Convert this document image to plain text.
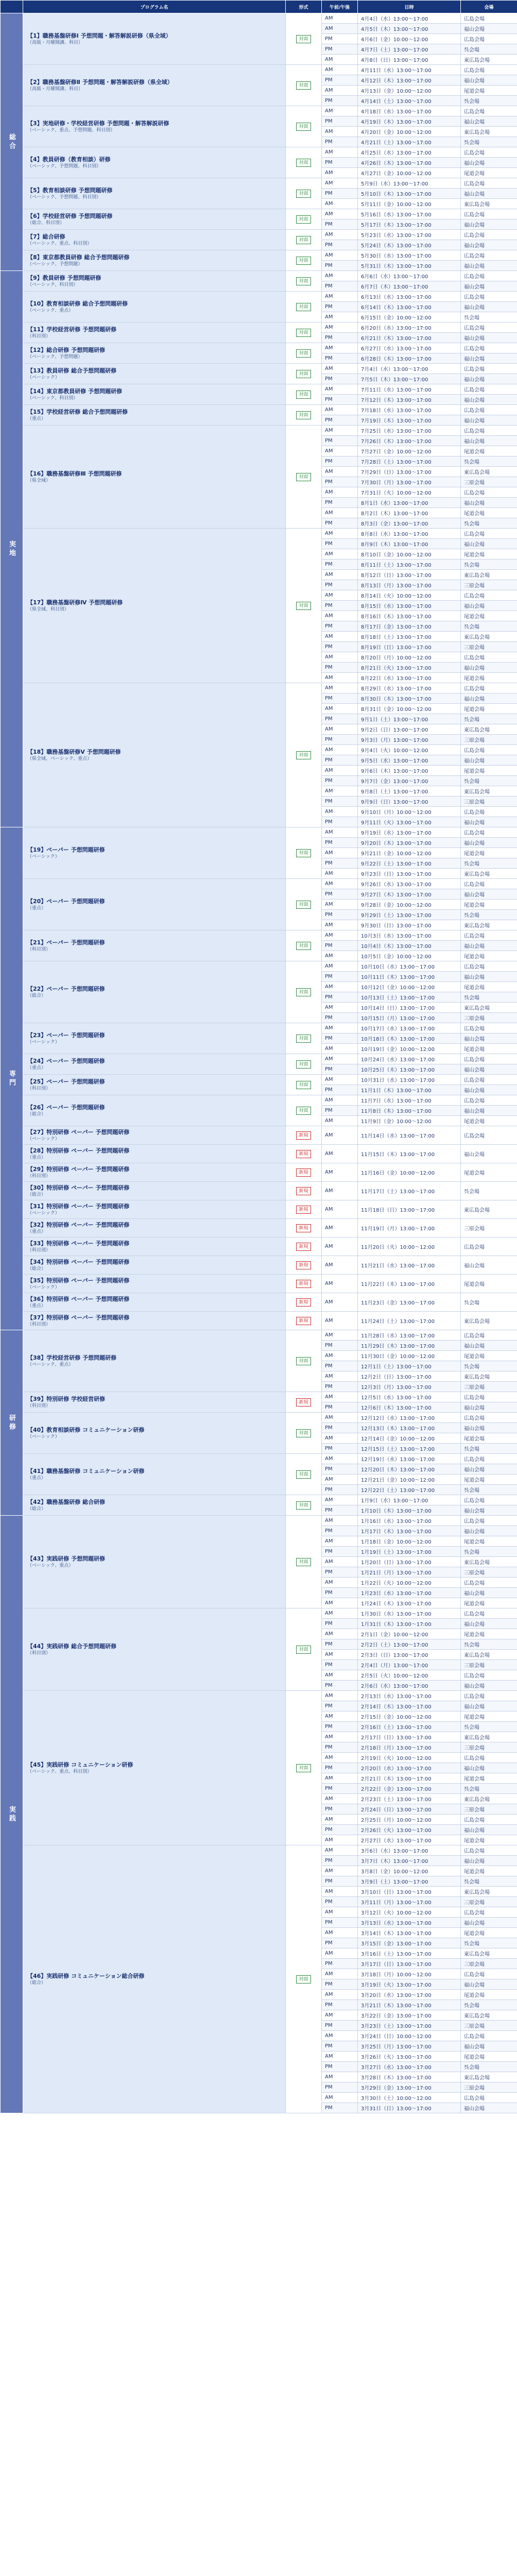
	プログラム名	形式	午前/午後	日時	会場
総合	【1】職務基盤研修Ⅰ 予想問題・解答解説研修（県全域）
（高級・月曜開講、科目）	対面	AM	4月4日（水）13:00～17:00	広島会場
			AM	4月5日（木）13:00～17:00	福山会場
			PM	4月6日（金）10:00～12:00	広島会場
			PM	4月7日（土）13:00～17:00	呉会場
			AM	4月8日（日）13:00～17:00	東広島会場

	【2】職務基盤研修Ⅱ 予想問題・解答解説研修（県全域）
（高級・月曜開講、科目）	対面	AM	4月11日（水）13:00～17:00	広島会場
			PM	4月12日（木）13:00～17:00	福山会場
			AM	4月13日（金）10:00～12:00	尾道会場
			PM	4月14日（土）13:00～17:00	呉会場

	【3】実地研修・学校経営研修 予想問題・解答解説研修
（ベーシック、重点、予想問題、科目別）	対面	AM	4月18日（水）13:00～17:00	広島会場
			PM	4月19日（木）13:00～17:00	福山会場
			AM	4月20日（金）10:00～12:00	東広島会場
			PM	4月21日（土）13:00～17:00	呉会場

	【4】教員研修（教育相談）研修
（ベーシック、予想問題、科目別）	対面	AM	4月25日（水）13:00～17:00	広島会場
			PM	4月26日（木）13:00～17:00	福山会場
			AM	4月27日（金）10:00～12:00	尾道会場

	【5】教育相談研修 予想問題研修
（ベーシック、予想問題、科目別）	対面	AM	5月9日（水）13:00～17:00	広島会場
			PM	5月10日（木）13:00～17:00	福山会場
			AM	5月11日（金）10:00～12:00	東広島会場

	【6】学校経営研修 予想問題研修
（総合、科目別）	対面	AM	5月16日（水）13:00～17:00	広島会場
			PM	5月17日（木）13:00～17:00	福山会場

	【7】総合研修
（ベーシック、重点、科目別）	対面	AM	5月23日（水）13:00～17:00	広島会場
			PM	5月24日（木）13:00～17:00	福山会場

	【8】東京都教員研修 総合予想問題研修
（ベーシック、予想問題）	対面	AM	5月30日（水）13:00～17:00	広島会場
			PM	5月31日（木）13:00～17:00	福山会場
実地	【9】教員研修 予想問題研修
（ベーシック、科目別）	対面	AM	6月6日（水）13:00～17:00	広島会場
			PM	6月7日（木）13:00～17:00	福山会場

	【10】教育相談研修 総合予想問題研修
（ベーシック、重点）	対面	AM	6月13日（水）13:00～17:00	広島会場
			PM	6月14日（木）13:00～17:00	福山会場
			AM	6月15日（金）10:00～12:00	呉会場

	【11】学校経営研修 予想問題研修
（科目別）	対面	AM	6月20日（水）13:00～17:00	広島会場
			PM	6月21日（木）13:00～17:00	福山会場

	【12】総合研修 予想問題研修
（ベーシック、予想問題）	対面	AM	6月27日（水）13:00～17:00	広島会場
			PM	6月28日（木）13:00～17:00	福山会場

	【13】教員研修 総合予想問題研修
（ベーシック）	対面	AM	7月4日（水）13:00～17:00	広島会場
			PM	7月5日（木）13:00～17:00	福山会場

	【14】東京都教員研修 予想問題研修
（ベーシック、科目別）	対面	AM	7月11日（水）13:00～17:00	広島会場
			PM	7月12日（木）13:00～17:00	福山会場

	【15】学校経営研修 総合予想問題研修
（重点）	対面	AM	7月18日（水）13:00～17:00	広島会場
			PM	7月19日（木）13:00～17:00	福山会場

	【16】職務基盤研修Ⅲ 予想問題研修
（県全域）	対面	AM	7月25日（水）13:00～17:00	広島会場
			PM	7月26日（木）13:00～17:00	福山会場
			AM	7月27日（金）10:00～12:00	尾道会場
			PM	7月28日（土）13:00～17:00	呉会場
			AM	7月29日（日）13:00～17:00	東広島会場
			PM	7月30日（月）13:00～17:00	三原会場
			AM	7月31日（火）10:00～12:00	広島会場
			PM	8月1日（水）13:00～17:00	福山会場
			AM	8月2日（木）13:00～17:00	尾道会場
			PM	8月3日（金）13:00～17:00	呉会場

	【17】職務基盤研修Ⅳ 予想問題研修
（県全域、科目別）	対面	AM	8月8日（水）13:00～17:00	広島会場
			PM	8月9日（木）13:00～17:00	福山会場
			AM	8月10日（金）10:00～12:00	尾道会場
			PM	8月11日（土）13:00～17:00	呉会場
			AM	8月12日（日）13:00～17:00	東広島会場
			PM	8月13日（月）13:00～17:00	三原会場
			AM	8月14日（火）10:00～12:00	広島会場
			PM	8月15日（水）13:00～17:00	福山会場
			AM	8月16日（木）13:00～17:00	尾道会場
			PM	8月17日（金）13:00～17:00	呉会場
			AM	8月18日（土）13:00～17:00	東広島会場
			PM	8月19日（日）13:00～17:00	三原会場
			AM	8月20日（月）10:00～12:00	広島会場
			PM	8月21日（火）13:00～17:00	福山会場
			AM	8月22日（水）13:00～17:00	尾道会場

	【18】職務基盤研修Ⅴ 予想問題研修
（県全域、ベーシック、重点）	対面	AM	8月29日（水）13:00～17:00	広島会場
			PM	8月30日（木）13:00～17:00	福山会場
			AM	8月31日（金）10:00～12:00	尾道会場
			PM	9月1日（土）13:00～17:00	呉会場
			AM	9月2日（日）13:00～17:00	東広島会場
			PM	9月3日（月）13:00～17:00	三原会場
			AM	9月4日（火）10:00～12:00	広島会場
			PM	9月5日（水）13:00～17:00	福山会場
			AM	9月6日（木）13:00～17:00	尾道会場
			PM	9月7日（金）13:00～17:00	呉会場
			AM	9月8日（土）13:00～17:00	東広島会場
			PM	9月9日（日）13:00～17:00	三原会場
			AM	9月10日（月）10:00～12:00	広島会場
			PM	9月11日（火）13:00～17:00	福山会場
専門	【19】ペーパー 予想問題研修
（ベーシック）	対面	AM	9月19日（水）13:00～17:00	広島会場
			PM	9月20日（木）13:00～17:00	福山会場
			AM	9月21日（金）10:00～12:00	尾道会場
			PM	9月22日（土）13:00～17:00	呉会場
			AM	9月23日（日）13:00～17:00	東広島会場

	【20】ペーパー 予想問題研修
（重点）	対面	AM	9月26日（水）13:00～17:00	広島会場
			PM	9月27日（木）13:00～17:00	福山会場
			AM	9月28日（金）10:00～12:00	尾道会場
			PM	9月29日（土）13:00～17:00	呉会場
			AM	9月30日（日）13:00～17:00	東広島会場

	【21】ペーパー 予想問題研修
（科目別）	対面	AM	10月3日（水）13:00～17:00	広島会場
			PM	10月4日（木）13:00～17:00	福山会場
			AM	10月5日（金）10:00～12:00	尾道会場

	【22】ペーパー 予想問題研修
（総合）	対面	AM	10月10日（水）13:00～17:00	広島会場
			PM	10月11日（木）13:00～17:00	福山会場
			AM	10月12日（金）10:00～12:00	尾道会場
			PM	10月13日（土）13:00～17:00	呉会場
			AM	10月14日（日）13:00～17:00	東広島会場
			PM	10月15日（月）13:00～17:00	三原会場

	【23】ペーパー 予想問題研修
（ベーシック）	対面	AM	10月17日（水）13:00～17:00	広島会場
			PM	10月18日（木）13:00～17:00	福山会場
			AM	10月19日（金）10:00～12:00	尾道会場

	【24】ペーパー 予想問題研修
（重点）	対面	AM	10月24日（水）13:00～17:00	広島会場
			PM	10月25日（木）13:00～17:00	福山会場

	【25】ペーパー 予想問題研修
（科目別）	対面	AM	10月31日（水）13:00～17:00	広島会場
			PM	11月1日（木）13:00～17:00	福山会場

	【26】ペーパー 予想問題研修
（総合）	対面	AM	11月7日（水）13:00～17:00	広島会場
			PM	11月8日（木）13:00～17:00	福山会場
			AM	11月9日（金）10:00～12:00	尾道会場

	【27】特別研修 ペーパー 予想問題研修
（ベーシック）	新規	AM	11月14日（水）13:00～17:00	広島会場

	【28】特別研修 ペーパー 予想問題研修
（重点）	新規	AM	11月15日（木）13:00～17:00	福山会場

	【29】特別研修 ペーパー 予想問題研修
（科目別）	新規	AM	11月16日（金）10:00～12:00	尾道会場

	【30】特別研修 ペーパー 予想問題研修
（総合）	新規	AM	11月17日（土）13:00～17:00	呉会場

	【31】特別研修 ペーパー 予想問題研修
（ベーシック）	新規	AM	11月18日（日）13:00～17:00	東広島会場

	【32】特別研修 ペーパー 予想問題研修
（重点）	新規	AM	11月19日（月）13:00～17:00	三原会場

	【33】特別研修 ペーパー 予想問題研修
（科目別）	新規	AM	11月20日（火）10:00～12:00	広島会場

	【34】特別研修 ペーパー 予想問題研修
（総合）	新規	AM	11月21日（水）13:00～17:00	福山会場

	【35】特別研修 ペーパー 予想問題研修
（ベーシック）	新規	AM	11月22日（木）13:00～17:00	尾道会場

	【36】特別研修 ペーパー 予想問題研修
（重点）	新規	AM	11月23日（金）13:00～17:00	呉会場

	【37】特別研修 ペーパー 予想問題研修
（科目別）	新規	AM	11月24日（土）13:00～17:00	東広島会場
研修	【38】学校経営研修 予想問題研修
（ベーシック、重点）	対面	AM	11月28日（水）13:00～17:00	広島会場
			PM	11月29日（木）13:00～17:00	福山会場
			AM	11月30日（金）10:00～12:00	尾道会場
			PM	12月1日（土）13:00～17:00	呉会場
			AM	12月2日（日）13:00～17:00	東広島会場
			PM	12月3日（月）13:00～17:00	三原会場

	【39】特別研修 学校経営研修
（科目別）	新規	AM	12月5日（水）13:00～17:00	広島会場
			PM	12月6日（木）13:00～17:00	福山会場

	【40】教育相談研修 コミュニケーション研修
（ベーシック）	対面	AM	12月12日（水）13:00～17:00	広島会場
			PM	12月13日（木）13:00～17:00	福山会場
			AM	12月14日（金）10:00～12:00	尾道会場
			PM	12月15日（土）13:00～17:00	呉会場

	【41】職務基盤研修 コミュニケーション研修
（重点）	対面	AM	12月19日（水）13:00～17:00	広島会場
			PM	12月20日（木）13:00～17:00	福山会場
			AM	12月21日（金）10:00～12:00	尾道会場
			PM	12月22日（土）13:00～17:00	呉会場

	【42】職務基盤研修 総合研修
（総合）	対面	AM	1月9日（水）13:00～17:00	広島会場
			PM	1月10日（木）13:00～17:00	福山会場
実践	【43】実践研修 予想問題研修
（ベーシック、重点）	対面	AM	1月16日（水）13:00～17:00	広島会場
			PM	1月17日（木）13:00～17:00	福山会場
			AM	1月18日（金）10:00～12:00	尾道会場
			PM	1月19日（土）13:00～17:00	呉会場
			AM	1月20日（日）13:00～17:00	東広島会場
			PM	1月21日（月）13:00～17:00	三原会場
			AM	1月22日（火）10:00～12:00	広島会場
			PM	1月23日（水）13:00～17:00	福山会場
			AM	1月24日（木）13:00～17:00	尾道会場

	【44】実践研修 総合予想問題研修
（科目別）	対面	AM	1月30日（水）13:00～17:00	広島会場
			PM	1月31日（木）13:00～17:00	福山会場
			AM	2月1日（金）10:00～12:00	尾道会場
			PM	2月2日（土）13:00～17:00	呉会場
			AM	2月3日（日）13:00～17:00	東広島会場
			PM	2月4日（月）13:00～17:00	三原会場
			AM	2月5日（火）10:00～12:00	広島会場
			PM	2月6日（水）13:00～17:00	福山会場

	【45】実践研修 コミュニケーション研修
（ベーシック、重点、科目別）	対面	AM	2月13日（水）13:00～17:00	広島会場
			PM	2月14日（木）13:00～17:00	福山会場
			AM	2月15日（金）10:00～12:00	尾道会場
			PM	2月16日（土）13:00～17:00	呉会場
			AM	2月17日（日）13:00～17:00	東広島会場
			PM	2月18日（月）13:00～17:00	三原会場
			AM	2月19日（火）10:00～12:00	広島会場
			PM	2月20日（水）13:00～17:00	福山会場
			AM	2月21日（木）13:00～17:00	尾道会場
			PM	2月22日（金）13:00～17:00	呉会場
			AM	2月23日（土）13:00～17:00	東広島会場
			PM	2月24日（日）13:00～17:00	三原会場
			AM	2月25日（月）10:00～12:00	広島会場
			PM	2月26日（火）13:00～17:00	福山会場
			AM	2月27日（水）13:00～17:00	尾道会場

	【46】実践研修 コミュニケーション総合研修
（総合）	対面	AM	3月6日（水）13:00～17:00	広島会場
			PM	3月7日（木）13:00～17:00	福山会場
			AM	3月8日（金）10:00～12:00	尾道会場
			PM	3月9日（土）13:00～17:00	呉会場
			AM	3月10日（日）13:00～17:00	東広島会場
			PM	3月11日（月）13:00～17:00	三原会場
			AM	3月12日（火）10:00～12:00	広島会場
			PM	3月13日（水）13:00～17:00	福山会場
			AM	3月14日（木）13:00～17:00	尾道会場
			PM	3月15日（金）13:00～17:00	呉会場
			AM	3月16日（土）13:00～17:00	東広島会場
			PM	3月17日（日）13:00～17:00	三原会場
			AM	3月18日（月）10:00～12:00	広島会場
			PM	3月19日（火）13:00～17:00	福山会場
			AM	3月20日（水）13:00～17:00	尾道会場
			PM	3月21日（木）13:00～17:00	呉会場
			AM	3月22日（金）13:00～17:00	東広島会場
			PM	3月23日（土）13:00～17:00	三原会場
			AM	3月24日（日）10:00～12:00	広島会場
			PM	3月25日（月）13:00～17:00	福山会場
			AM	3月26日（火）13:00～17:00	尾道会場
			PM	3月27日（水）13:00～17:00	呉会場
			AM	3月28日（木）13:00～17:00	東広島会場
			PM	3月29日（金）13:00～17:00	三原会場
			AM	3月30日（土）10:00～12:00	広島会場
			PM	3月31日（日）13:00～17:00	福山会場
